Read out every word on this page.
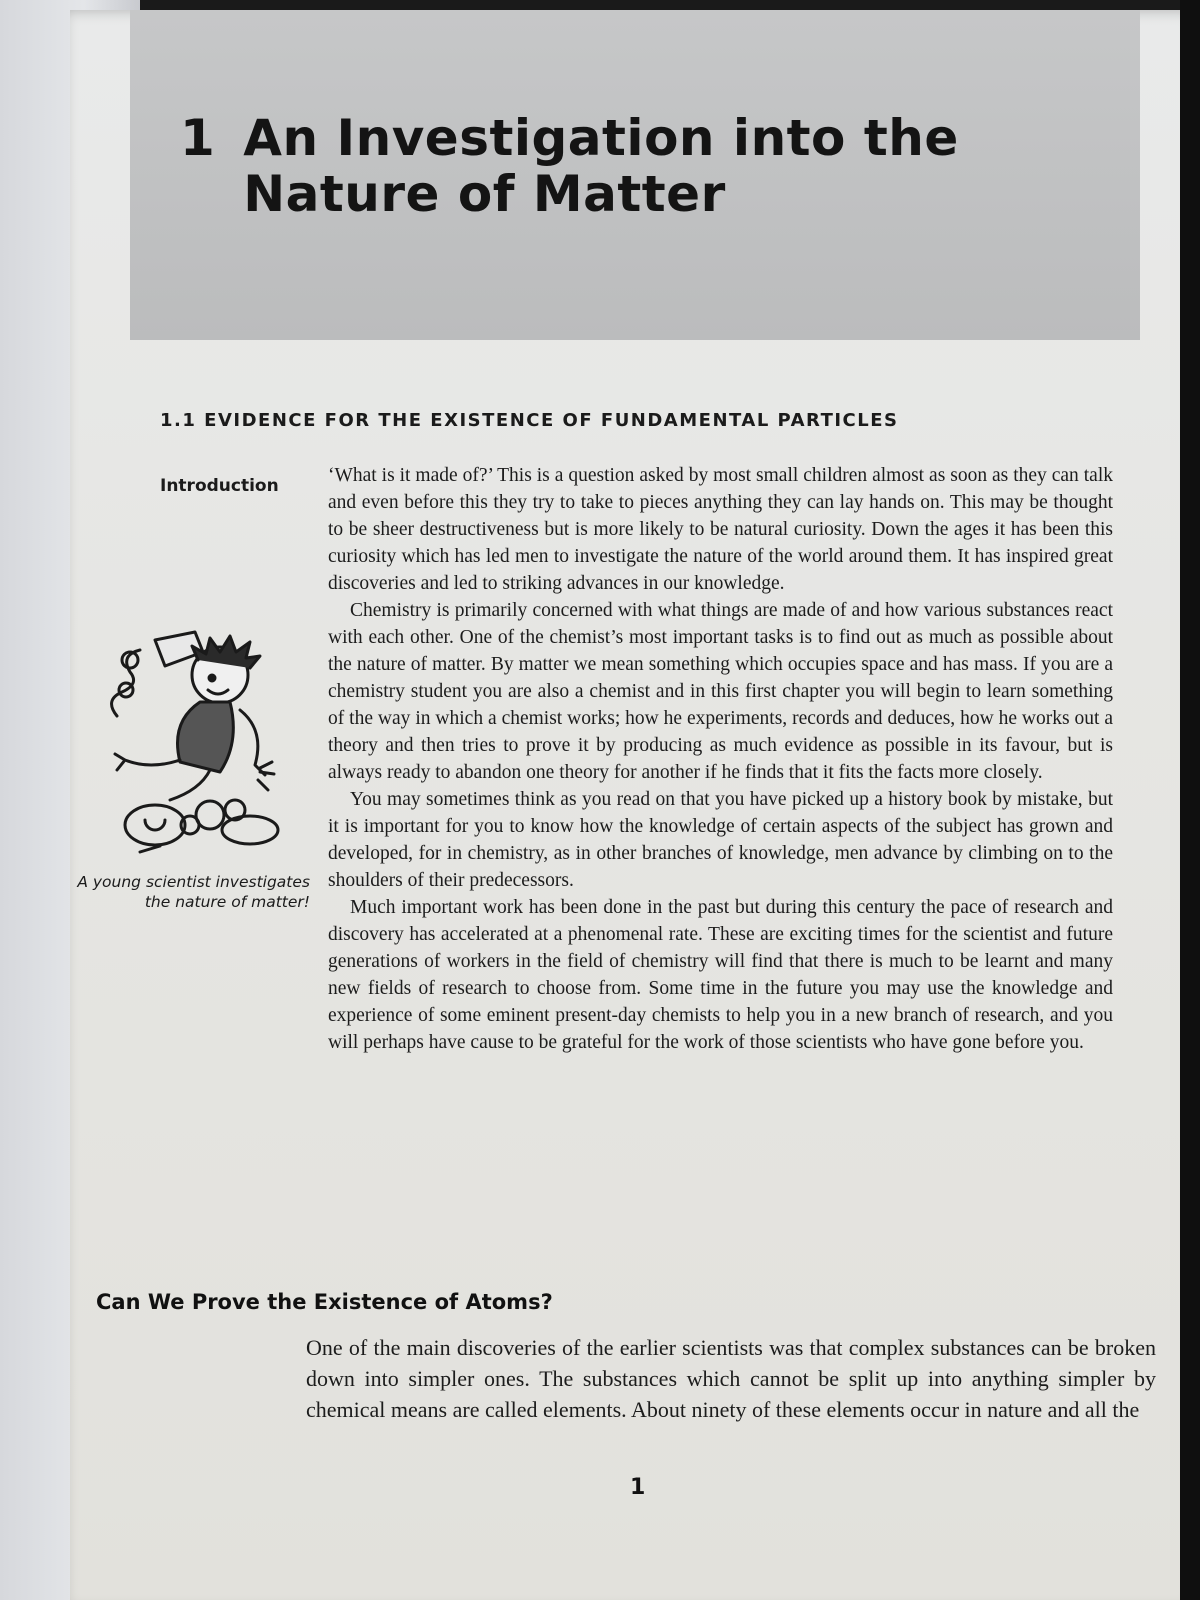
1 An Investigation into the Nature of Matter
1.1 EVIDENCE FOR THE EXISTENCE OF FUNDAMENTAL PARTICLES
Introduction
A young scientist investigates the nature of matter!

‘What is it made of?’ This is a question asked by most small children almost as soon as they can talk and even before this they try to take to pieces anything they can lay hands on. This may be thought to be sheer destructiveness but is more likely to be natural curiosity. Down the ages it has been this curiosity which has led men to investigate the nature of the world around them. It has inspired great discoveries and led to striking advances in our knowledge.

Chemistry is primarily concerned with what things are made of and how various substances react with each other. One of the chemist’s most important tasks is to find out as much as possible about the nature of matter. By matter we mean something which occupies space and has mass. If you are a chemistry student you are also a chemist and in this first chapter you will begin to learn something of the way in which a chemist works; how he experiments, records and deduces, how he works out a theory and then tries to prove it by producing as much evidence as possible in its favour, but is always ready to abandon one theory for another if he finds that it fits the facts more closely.

You may sometimes think as you read on that you have picked up a history book by mistake, but it is important for you to know how the knowledge of certain aspects of the subject has grown and developed, for in chemistry, as in other branches of knowledge, men advance by climbing on to the shoulders of their predecessors.

Much important work has been done in the past but during this century the pace of research and discovery has accelerated at a phenomenal rate. These are exciting times for the scientist and future generations of workers in the field of chemistry will find that there is much to be learnt and many new fields of research to choose from. Some time in the future you may use the knowledge and experience of some eminent present-day chemists to help you in a new branch of research, and you will perhaps have cause to be grateful for the work of those scientists who have gone before you.

Can We Prove the Existence of Atoms?

One of the main discoveries of the earlier scientists was that complex substances can be broken down into simpler ones. The substances which cannot be split up into anything simpler by chemical means are called elements. About ninety of these elements occur in nature and all the

1
